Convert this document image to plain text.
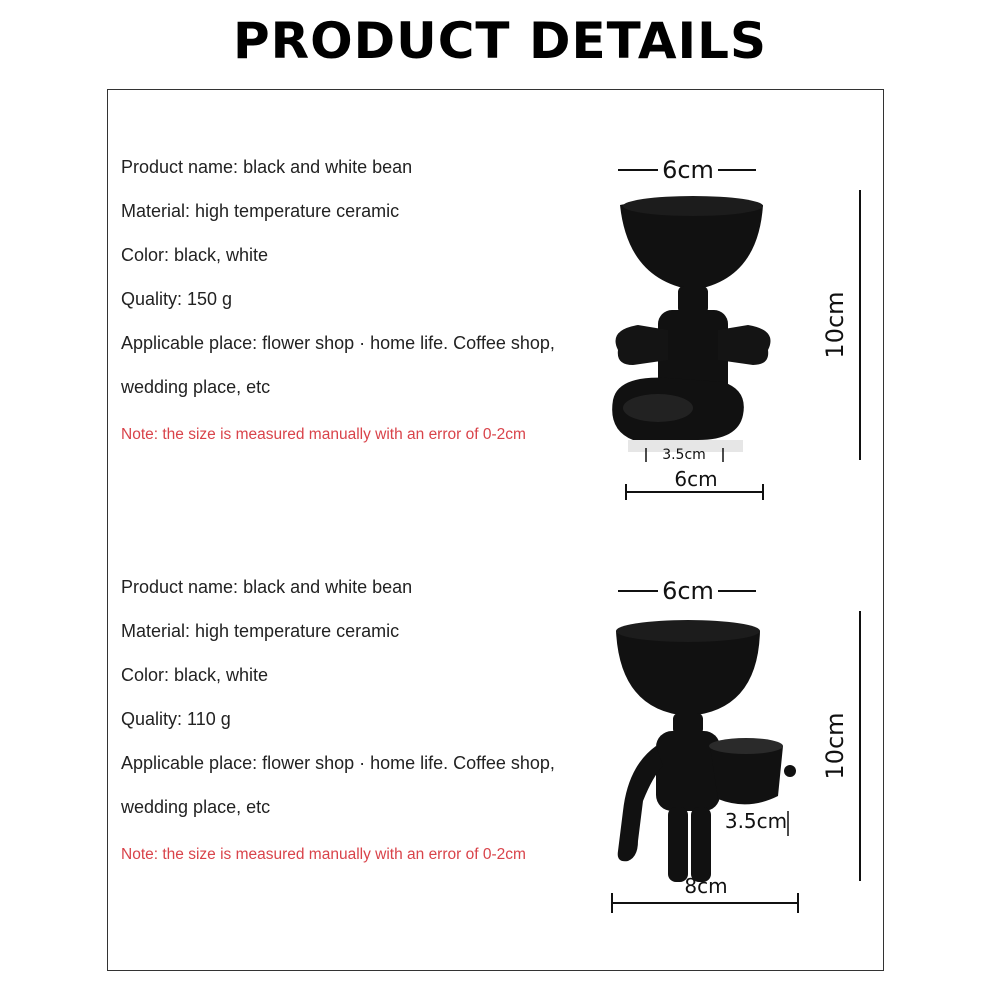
PRODUCT DETAILS
Product name: black and white bean
Material: high temperature ceramic
Color: black, white
Quality: 150 g
Applicable place: flower shop · home life. Coffee shop,
wedding place, etc
Note: the size is measured manually with an error of 0-2cm
6cm
10cm
3.5cm
6cm
Product name: black and white bean
Material: high temperature ceramic
Color: black, white
Quality: 110 g
Applicable place: flower shop · home life. Coffee shop,
wedding place, etc
Note: the size is measured manually with an error of 0-2cm
6cm
10cm
3.5cm
8cm
